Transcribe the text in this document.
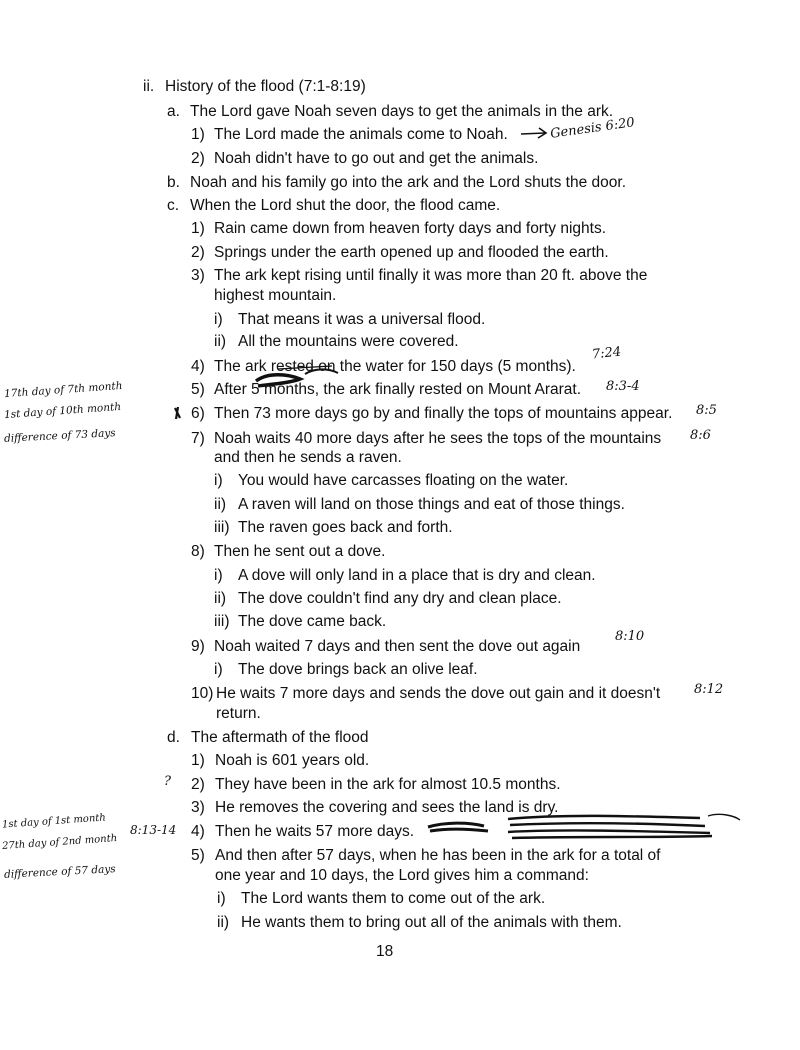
ii. History of the flood (7:1-8:19)
a. The Lord gave Noah seven days to get the animals in the ark.
1) The Lord made the animals come to Noah.
2) Noah didn't have to go out and get the animals.
b. Noah and his family go into the ark and the Lord shuts the door.
c. When the Lord shut the door, the flood came.
1) Rain came down from heaven forty days and forty nights.
2) Springs under the earth opened up and flooded the earth.
3) The ark kept rising until finally it was more than 20 ft. above the
highest mountain.
i) That means it was a universal flood.
ii) All the mountains were covered.
4) The ark rested on the water for 150 days (5 months).
5) After 5 months, the ark finally rested on Mount Ararat.
6) Then 73 more days go by and finally the tops of mountains appear.
7) Noah waits 40 more days after he sees the tops of the mountains
and then he sends a raven.
i) You would have carcasses floating on the water.
ii) A raven will land on those things and eat of those things.
iii) The raven goes back and forth.
8) Then he sent out a dove.
i) A dove will only land in a place that is dry and clean.
ii) The dove couldn't find any dry and clean place.
iii) The dove came back.
9) Noah waited 7 days and then sent the dove out again
i) The dove brings back an olive leaf.
10) He waits 7 more days and sends the dove out gain and it doesn't
return.
d. The aftermath of the flood
1) Noah is 601 years old.
2) They have been in the ark for almost 10.5 months.
3) He removes the covering and sees the land is dry.
4) Then he waits 57 more days.
5) And then after 57 days, when he has been in the ark for a total of
one year and 10 days, the Lord gives him a command:
i) The Lord wants them to come out of the ark.
ii) He wants them to bring out all of the animals with them.
18
Genesis 6:20
7:24
8:3-4
8:5
8:6
8:10
8:12
8:13-14
17th day of 7th month
1st day of 10th month
difference of 73 days
1st day of 1st month
27th day of 2nd month
difference of 57 days
?
